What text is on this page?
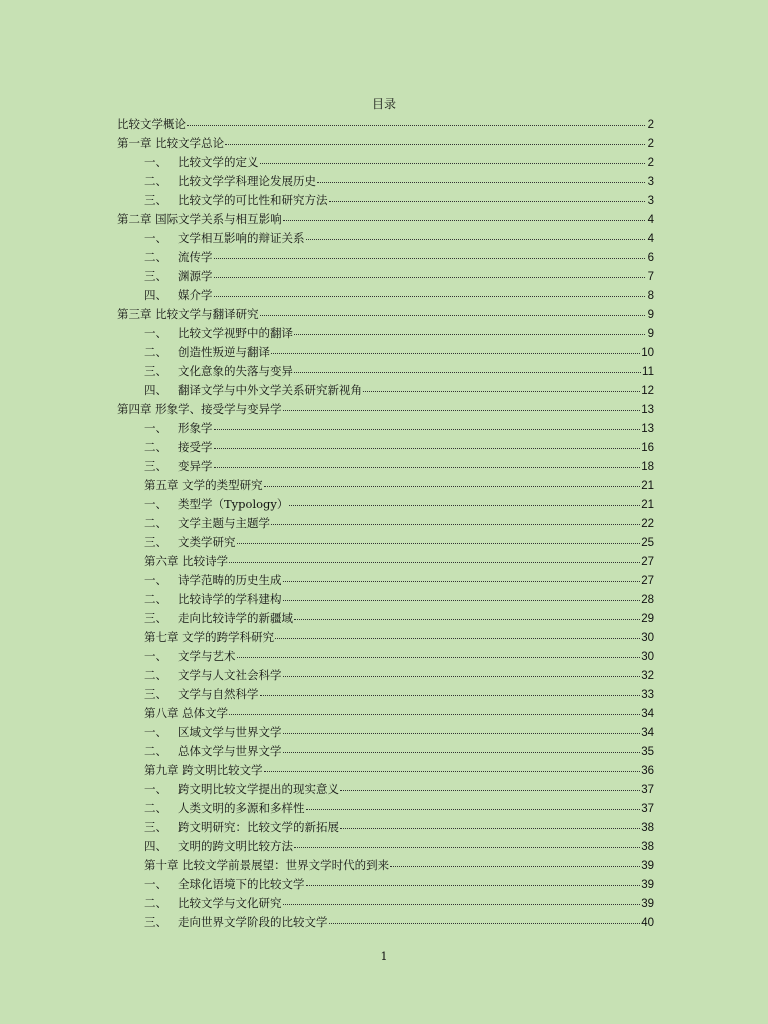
目录
比较文学概论	2
第一章 比较文学总论	2
一、 比较文学的定义	2
二、 比较文学学科理论发展历史	3
三、 比较文学的可比性和研究方法	3
第二章 国际文学关系与相互影响	4
一、 文学相互影响的辩证关系	4
二、 流传学	6
三、 渊源学	7
四、 媒介学	8
第三章 比较文学与翻译研究	9
一、 比较文学视野中的翻译	9
二、 创造性叛逆与翻译	10
三、 文化意象的失落与变异	11
四、 翻译文学与中外文学关系研究新视角	12
第四章 形象学、接受学与变异学	13
一、 形象学	13
二、 接受学	16
三、 变异学	18
第五章 文学的类型研究	21
一、 类型学（Typology）	21
二、 文学主题与主题学	22
三、 文类学研究	25
第六章 比较诗学	27
一、 诗学范畴的历史生成	27
二、 比较诗学的学科建构	28
三、 走向比较诗学的新疆域	29
第七章 文学的跨学科研究	30
一、 文学与艺术	30
二、 文学与人文社会科学	32
三、 文学与自然科学	33
第八章 总体文学	34
一、 区域文学与世界文学	34
二、 总体文学与世界文学	35
第九章 跨文明比较文学	36
一、 跨文明比较文学提出的现实意义	37
二、 人类文明的多源和多样性	37
三、 跨文明研究：比较文学的新拓展	38
四、 文明的跨文明比较方法	38
第十章 比较文学前景展望：世界文学时代的到来	39
一、 全球化语境下的比较文学	39
二、 比较文学与文化研究	39
三、 走向世界文学阶段的比较文学	40
1
